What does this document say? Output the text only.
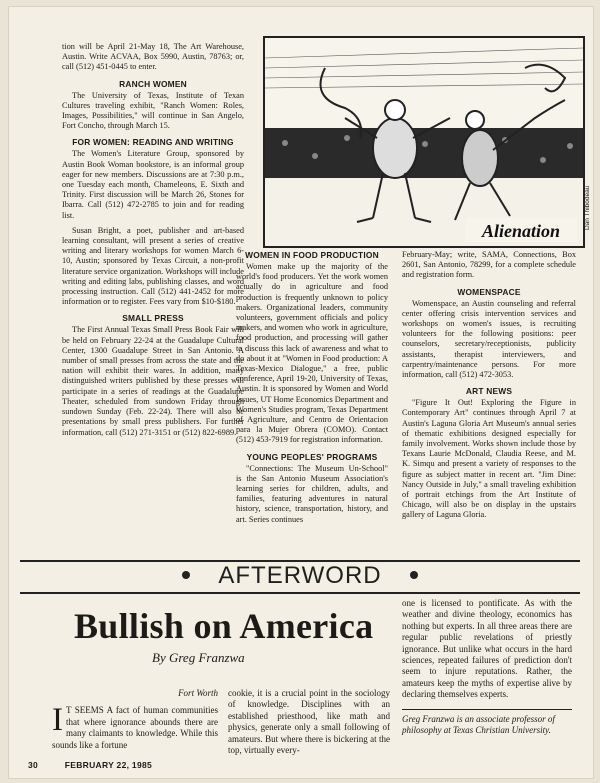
tion will be April 21-May 18, The Art Warehouse, Austin. Write ACVAA, Box 5990, Austin, 78763; or, call (512) 451-0445 to enter.

RANCH WOMEN

The University of Texas, Institute of Texan Cultures traveling exhibit, "Ranch Women: Roles, Images, Possibilities," will continue in San Angelo, Fort Concho, through March 15.

FOR WOMEN: READING AND WRITING

The Women's Literature Group, sponsored by Austin Book Woman bookstore, is an informal group eager for new members. Discussions are at 7:30 p.m., one Tuesday each month, Chameleons, E. Sixth and Trinity. First discussion will be March 26, Stones for Ibarra. Call (512) 472-2785 to join and for reading list.

Susan Bright, a poet, publisher and art-based learning consultant, will present a series of creative writing and literary workshops for women March 6-10, Austin; sponsored by Texas Circuit, a non-profit literature service organization. Workshops will include writing and editing labs, publishing classes, and word processing instruction. Call (512) 441-2452 for more information or to register. Fees vary from $10-$180.

SMALL PRESS

The First Annual Texas Small Press Book Fair will be held on February 22-24 at the Guadalupe Cultural Center, 1300 Guadalupe Street in San Antonio. A number of small presses from across the state and the nation will exhibit their wares. In addition, many distinguished writers published by these presses will participate in a series of readings at the Guadalupe Theater, scheduled from sundown Friday through sundown Sunday (Feb. 22-24). There will also be presentations by small press publishers. For further information, call (512) 271-3151 or (512) 822-6989.

Alienation
Dan Thibodeau
WOMEN IN FOOD PRODUCTION

Women make up the majority of the world's food producers. Yet the work women actually do in agriculture and food production is frequently unknown to policy makers. Organizational leaders, community volunteers, government officials and policy makers, and women who work in agriculture, food production, and processing will gather to discuss this lack of awareness and what to do about it at "Women in Food production: A Texas-Mexico Dialogue," a free, public conference, April 19-20, University of Texas, Austin. It is sponsored by Women and World Issues, UT Home Economics Department and Women's Studies program, Texas Department of Agriculture, and Centro de Orientacion para la Mujer Obrera (COMO). Contact (512) 453-7919 for registration information.

YOUNG PEOPLES' PROGRAMS

"Connections: The Museum Un-School" is the San Antonio Museum Association's learning series for children, adults, and families, featuring adventures in natural history, science, transportation, history, and art. Series continues

February-May; write, SAMA, Connections, Box 2601, San Antonio, 78299, for a complete schedule and registration form.

WOMENSPACE

Womenspace, an Austin counseling and referral center offering crisis intervention services and workshops on women's issues, is recruiting volunteers for the following positions: peer counselors, secretary/receptionists, publicity assistants, therapist interviewers, and carpentry/maintenance persons. For more information, call (512) 472-3053.

ART NEWS

"Figure It Out! Exploring the Figure in Contemporary Art" continues through April 7 at Austin's Laguna Gloria Art Museum's annual series of thematic exhibitions designed especially for family involvement. Works shown include those by Texans Laurie McDonald, Claudia Reese, and M. K. Simqu and present a variety of responses to the figure as subject matter in recent art. "Jim Dine: Nancy Outside in July," a small traveling exhibition of portrait etchings from the Art Institute of Chicago, will also be on display in the upstairs gallery of Laguna Gloria.

AFTERWORD
Bullish on America
By Greg Franzwa
Fort Worth

I T SEEMS A fact of human communities that where ignorance abounds there are many claimants to knowledge. While this sounds like a fortune

cookie, it is a crucial point in the sociology of knowledge. Disciplines with an established priesthood, like math and physics, generate only a small following of amateurs. But where there is bickering at the top, virtually every-

one is licensed to pontificate. As with the weather and divine theology, economics has nothing but experts. In all three areas there are regular public revelations of priestly ignorance. But unlike what occurs in the hard sciences, repeated failures of prediction don't seem to injure reputations. Rather, the amateurs keep the myths of expertise alive by declaring themselves experts.

Greg Franzwa is an associate professor of philosophy at Texas Christian University.
30	FEBRUARY 22, 1985
